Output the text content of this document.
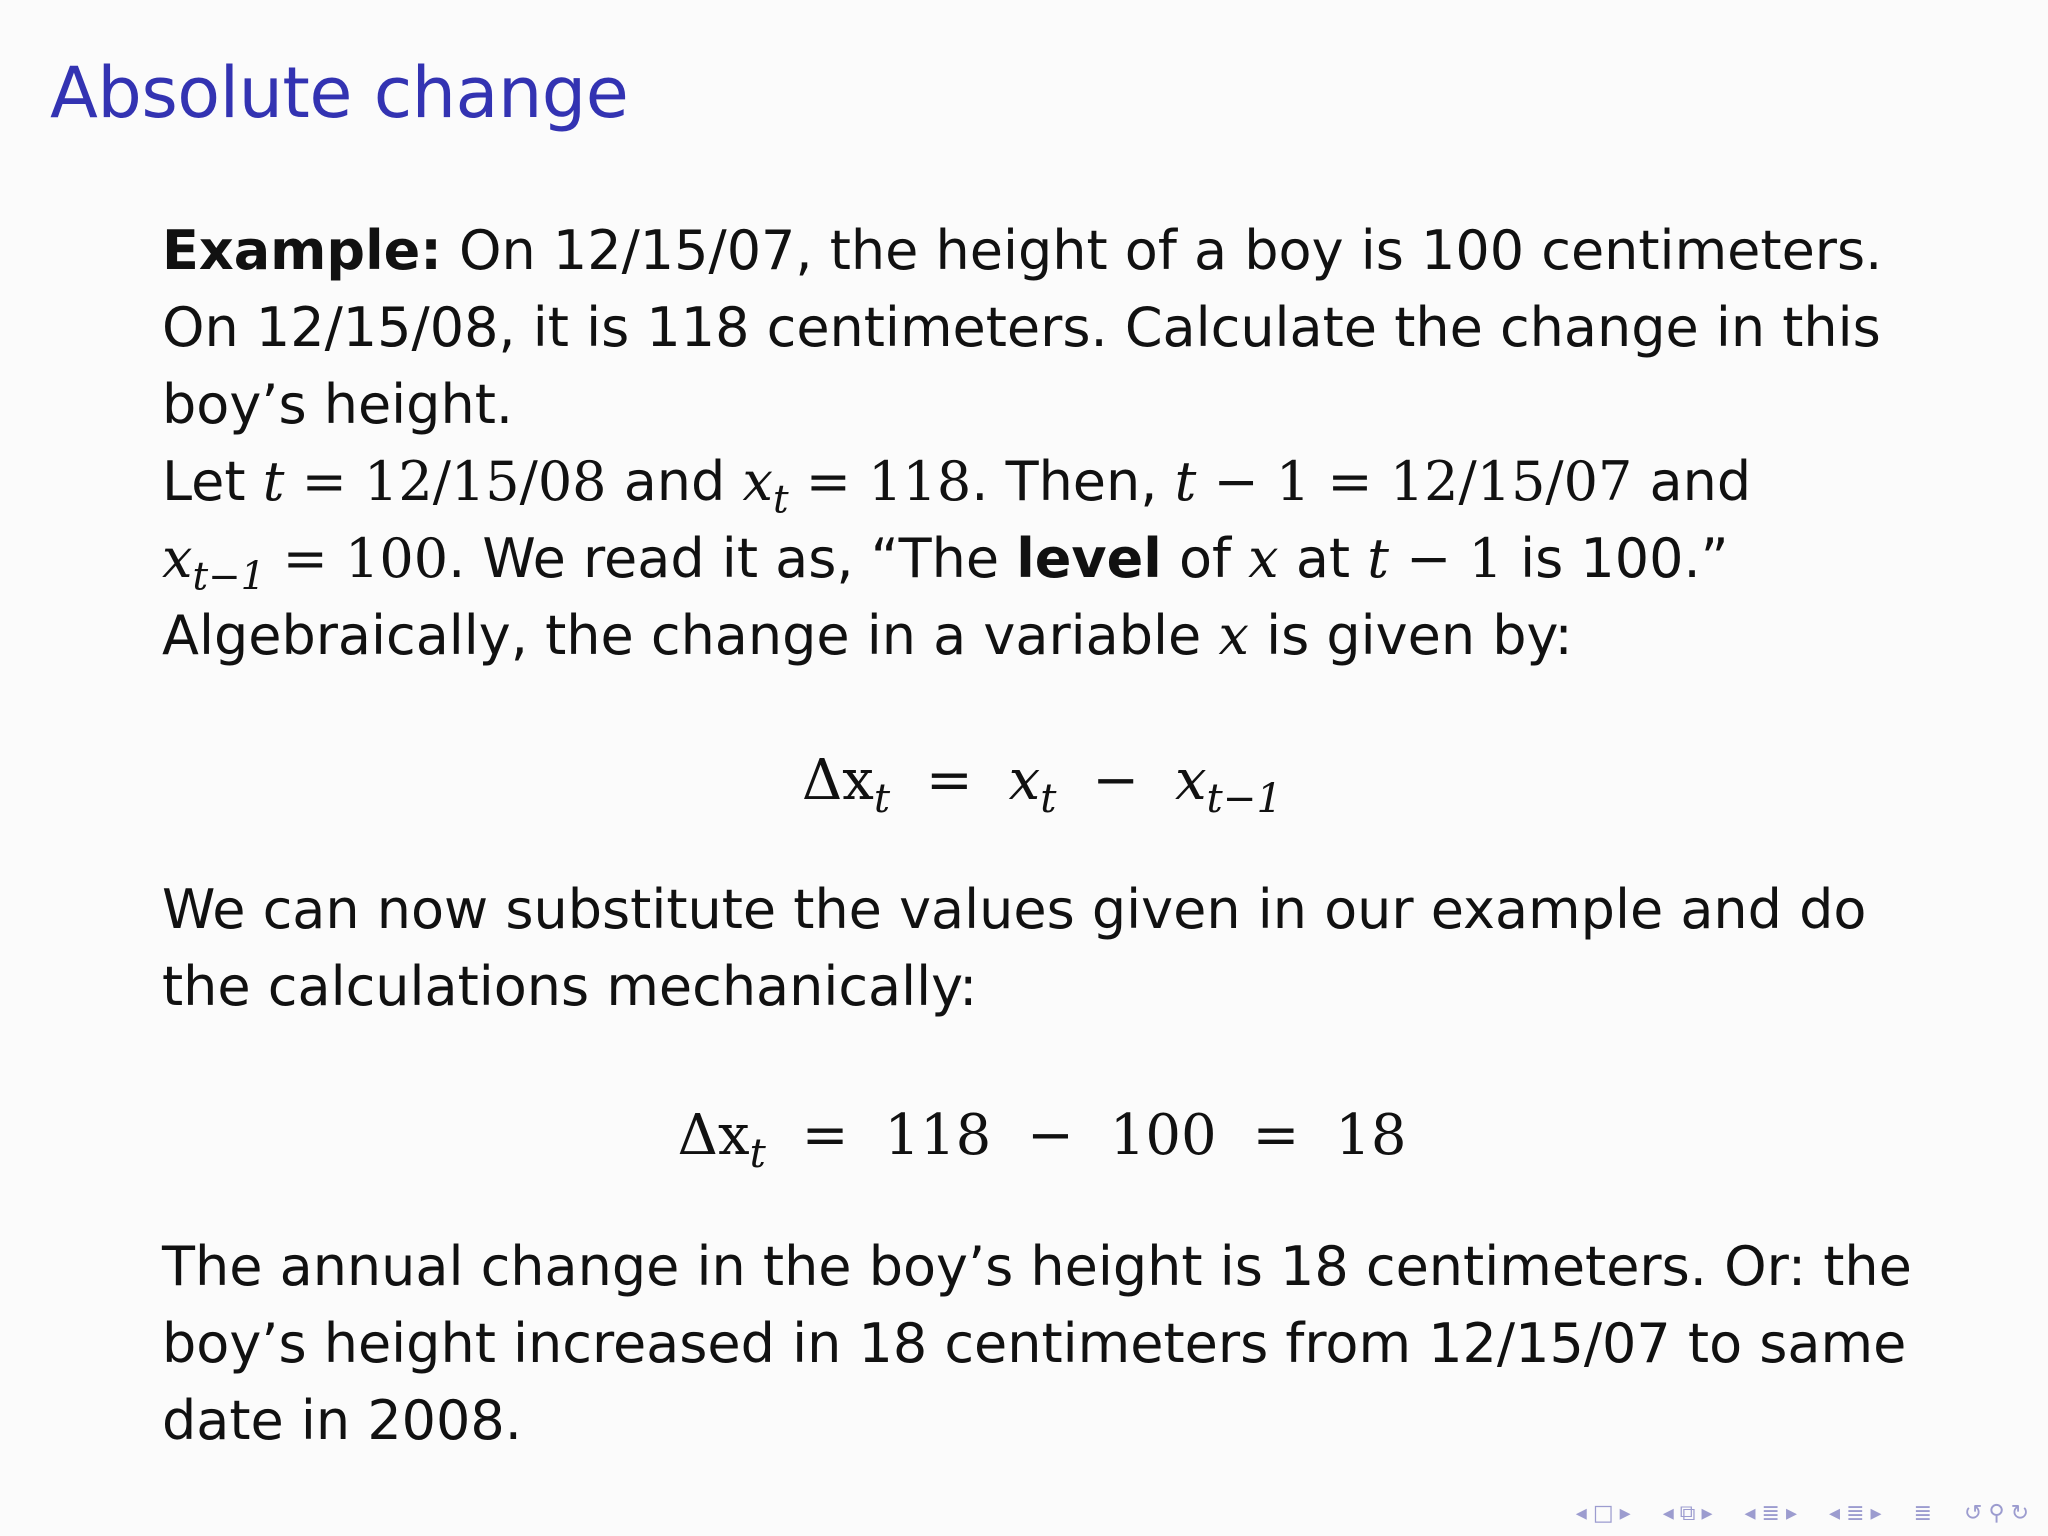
Absolute change

Example: On 12/15/07, the height of a boy is 100 centimeters. On 12/15/08, it is 118 centimeters. Calculate the change in this boy’s height.

Let t = 12/15/08 and $x_t = 118$. Then, t − 1 = 12/15/07 and
$x_{t-1} = 100$. We read it as, “The level of x at t − 1 is 100.”
Algebraically, the change in a variable x is given by:

$\Delta x_t = x_t - x_{t-1}$

We can now substitute the values given in our example and do the calculations mechanically:

$\Delta x_t = 118 - 100 = 18$

The annual change in the boy’s height is 18 centimeters. Or: the boy’s height increased in 18 centimeters from 12/15/07 to same date in 2008.

◂ □ ▸ ◂ ⧉ ▸ ◂ ≣ ▸ ◂ ≣ ▸ ≣ ↺ ⚲ ↻
